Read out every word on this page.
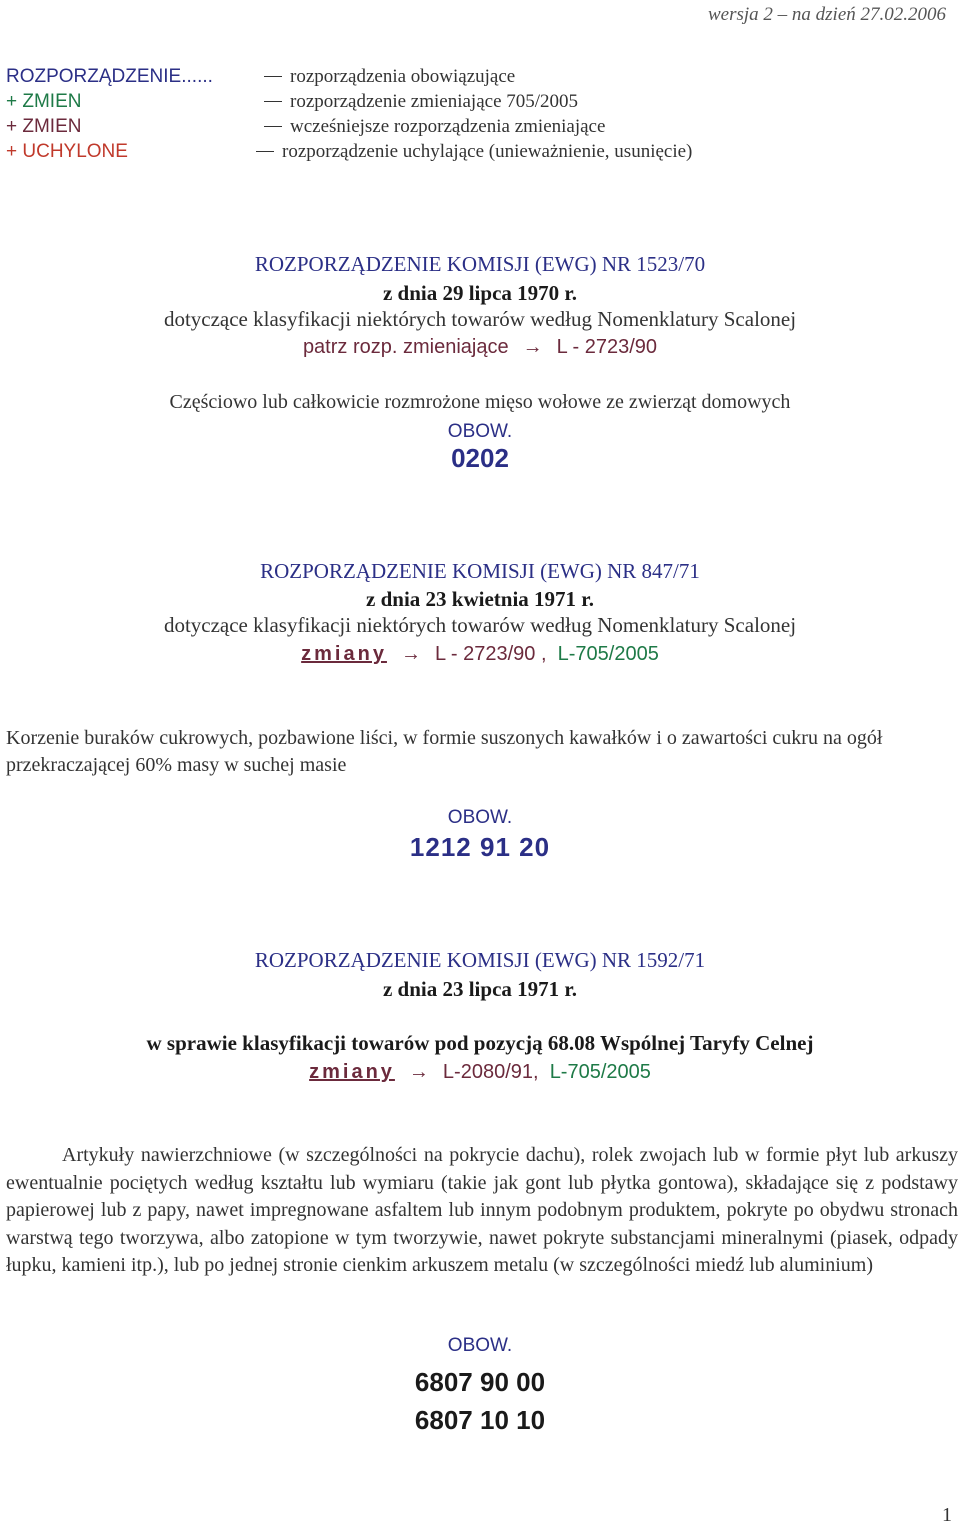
wersja 2 – na dzień 27.02.2006
ROZPORZĄDZENIE......	rozporządzenia obowiązujące
+ ZMIEN	rozporządzenie zmieniające 705/2005
+ ZMIEN	wcześniejsze rozporządzenia zmieniające
+ UCHYLONE	rozporządzenie uchylające (unieważnienie, usunięcie)
ROZPORZĄDZENIE KOMISJI (EWG) NR 1523/70
z dnia 29 lipca 1970 r.
dotyczące klasyfikacji niektórych towarów według Nomenklatury Scalonej
patrz rozp. zmieniające → L - 2723/90
Częściowo lub całkowicie rozmrożone mięso wołowe ze zwierząt domowych
OBOW.
0202
ROZPORZĄDZENIE KOMISJI (EWG) NR 847/71
z dnia 23 kwietnia 1971 r.
dotyczące klasyfikacji niektórych towarów według Nomenklatury Scalonej
zmiany → L - 2723/90 , L-705/2005
Korzenie buraków cukrowych, pozbawione liści, w formie suszonych kawałków i o zawartości cukru na ogół przekraczającej 60% masy w suchej masie
OBOW.
1212 91 20
ROZPORZĄDZENIE KOMISJI (EWG) NR 1592/71
z dnia 23 lipca 1971 r.
w sprawie klasyfikacji towarów pod pozycją 68.08 Wspólnej Taryfy Celnej
zmiany → L-2080/91, L-705/2005
Artykuły nawierzchniowe (w szczególności na pokrycie dachu), rolek zwojach lub w formie płyt lub arkuszy ewentualnie pociętych według kształtu lub wymiaru (takie jak gont lub płytka gontowa), składające się z podstawy papierowej lub z papy, nawet impregnowane asfaltem lub innym podobnym produktem, pokryte po obydwu stronach warstwą tego tworzywa, albo zatopione w tym tworzywie, nawet pokryte substancjami mineralnymi (piasek, odpady łupku, kamieni itp.), lub po jednej stronie cienkim arkuszem metalu (w szczególności miedź lub aluminium)
OBOW.
6807 90 00
6807 10 10
1
